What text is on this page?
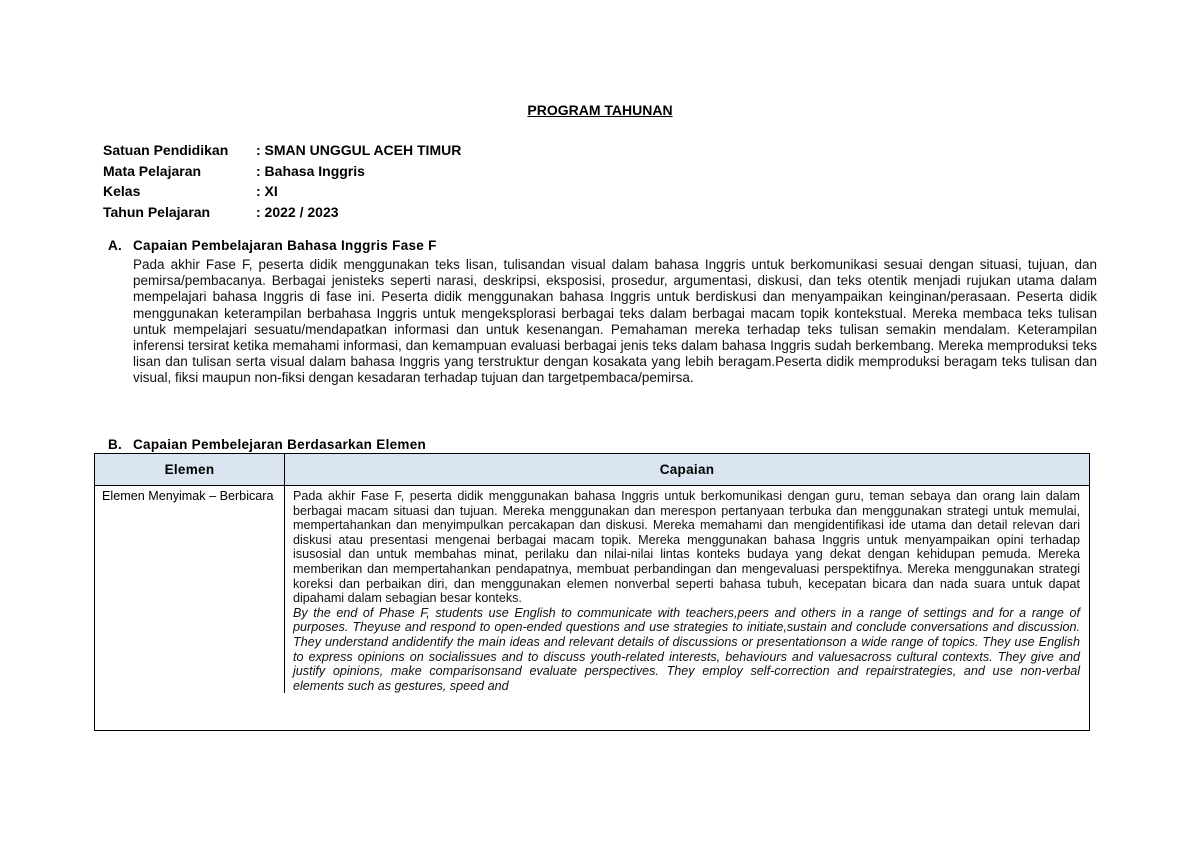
PROGRAM TAHUNAN
Satuan Pendidikan : SMAN UNGGUL ACEH TIMUR
Mata Pelajaran	: Bahasa Inggris
Kelas	: XI
Tahun Pelajaran	: 2022 / 2023
A. Capaian Pembelajaran Bahasa Inggris Fase F
Pada akhir Fase F, peserta didik menggunakan teks lisan, tulisandan visual dalam bahasa Inggris untuk berkomunikasi sesuai dengan situasi, tujuan, dan pemirsa/pembacanya. Berbagai jenisteks seperti narasi, deskripsi, eksposisi, prosedur, argumentasi, diskusi, dan teks otentik menjadi rujukan utama dalam mempelajari bahasa Inggris di fase ini. Peserta didik menggunakan bahasa Inggris untuk berdiskusi dan menyampaikan keinginan/perasaan. Peserta didik menggunakan keterampilan berbahasa Inggris untuk mengeksplorasi berbagai teks dalam berbagai macam topik kontekstual. Mereka membaca teks tulisan untuk mempelajari sesuatu/mendapatkan informasi dan untuk kesenangan. Pemahaman mereka terhadap teks tulisan semakin mendalam. Keterampilan inferensi tersirat ketika memahami informasi, dan kemampuan evaluasi berbagai jenis teks dalam bahasa Inggris sudah berkembang. Mereka memproduksi teks lisan dan tulisan serta visual dalam bahasa Inggris yang terstruktur dengan kosakata yang lebih beragam.Peserta didik memproduksi beragam teks tulisan dan visual, fiksi maupun non-fiksi dengan kesadaran terhadap tujuan dan targetpembaca/pemirsa.
B. Capaian Pembelejaran Berdasarkan Elemen
Elemen	Capaian
Elemen Menyimak – Berbicara	Pada akhir Fase F, peserta didik menggunakan bahasa Inggris untuk berkomunikasi dengan guru, teman sebaya dan orang lain dalam berbagai macam situasi dan tujuan. Mereka menggunakan dan merespon pertanyaan terbuka dan menggunakan strategi untuk memulai, mempertahankan dan menyimpulkan percakapan dan diskusi. Mereka memahami dan mengidentifikasi ide utama dan detail relevan dari diskusi atau presentasi mengenai berbagai macam topik. Mereka menggunakan bahasa Inggris untuk menyampaikan opini terhadap isusosial dan untuk membahas minat, perilaku dan nilai-nilai lintas konteks budaya yang dekat dengan kehidupan pemuda. Mereka memberikan dan mempertahankan pendapatnya, membuat perbandingan dan mengevaluasi perspektifnya. Mereka menggunakan strategi koreksi dan perbaikan diri, dan menggunakan elemen nonverbal seperti bahasa tubuh, kecepatan bicara dan nada suara untuk dapat dipahami dalam sebagian besar konteks.

By the end of Phase F, students use English to communicate with teachers,peers and others in a range of settings and for a range of purposes. Theyuse and respond to open-ended questions and use strategies to initiate,sustain and conclude conversations and discussion. They understand andidentify the main ideas and relevant details of discussions or presentationson a wide range of topics. They use English to express opinions on socialissues and to discuss youth-related interests, behaviours and valuesacross cultural contexts. They give and justify opinions, make comparisonsand evaluate perspectives. They employ self-correction and repairstrategies, and use non-verbal elements such as gestures, speed and
